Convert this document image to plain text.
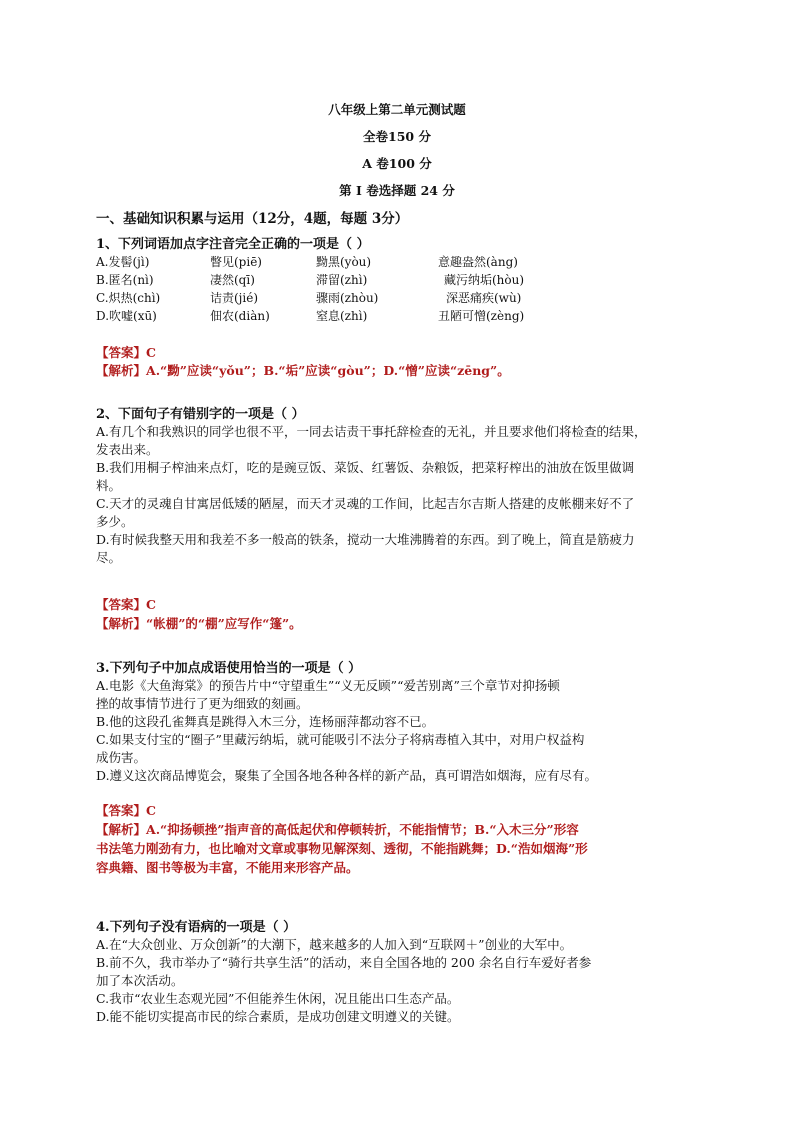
八年级上第二单元测试题
全卷150 分
A 卷100 分
第 I 卷选择题 24 分
一、基础知识积累与运用（12分，4题，每题 3分）
1、下列词语加点字注音完全正确的一项是（ ）
A.发髻(jì)	瞥见(piē)	黝黑(yòu)	意趣盎然(àng)
B.匿名(nì)	凄然(qī)	滞留(zhì)	藏污纳垢(hòu)
C.炽热(chì)	诘责(jié)	骤雨(zhòu)	深恶痛疾(wù)
D.吹嘘(xū)	佃农(diàn)	窒息(zhì)	丑陋可憎(zèng)
【答案】C
【解析】A.“黝”应读“yǒu”；B.“垢”应读“gòu”；D.“憎”应读“zēng”。
2、下面句子有错别字的一项是（ ）
A.有几个和我熟识的同学也很不平，一同去诘责干事托辞检查的无礼，并且要求他们将检查的结果，
发表出来。
B.我们用桐子榨油来点灯，吃的是豌豆饭、菜饭、红薯饭、杂粮饭，把菜籽榨出的油放在饭里做调
料。
C.天才的灵魂自甘寓居低矮的陋屋，而天才灵魂的工作间，比起吉尔吉斯人搭建的皮帐棚来好不了
多少。
D.有时候我整天用和我差不多一般高的铁条，搅动一大堆沸腾着的东西。到了晚上，简直是筋疲力
尽。
【答案】C
【解析】“帐棚”的“棚”应写作“篷”。
3.下列句子中加点成语使用恰当的一项是（ ）
A.电影《大鱼海棠》的预告片中“守望重生”“义无反顾”“爱苦别离”三个章节对抑扬顿
挫的故事情节进行了更为细致的刻画。
B.他的这段孔雀舞真是跳得入木三分，连杨丽萍都动容不已。
C.如果支付宝的“圈子”里藏污纳垢，就可能吸引不法分子将病毒植入其中，对用户权益构
成伤害。
D.遵义这次商品博览会，聚集了全国各地各种各样的新产品，真可谓浩如烟海，应有尽有。
【答案】C
【解析】A.“抑扬顿挫”指声音的高低起伏和停顿转折，不能指情节；B.“入木三分”形容
书法笔力刚劲有力，也比喻对文章或事物见解深刻、透彻，不能指跳舞；D.“浩如烟海”形
容典籍、图书等极为丰富，不能用来形容产品。
4.下列句子没有语病的一项是（ ）
A.在“大众创业、万众创新”的大潮下，越来越多的人加入到“互联网＋”创业的大军中。
B.前不久，我市举办了“骑行共享生活”的活动，来自全国各地的 200 余名自行车爱好者参
加了本次活动。
C.我市“农业生态观光园”不但能养生休闲，况且能出口生态产品。
D.能不能切实提高市民的综合素质，是成功创建文明遵义的关键。
